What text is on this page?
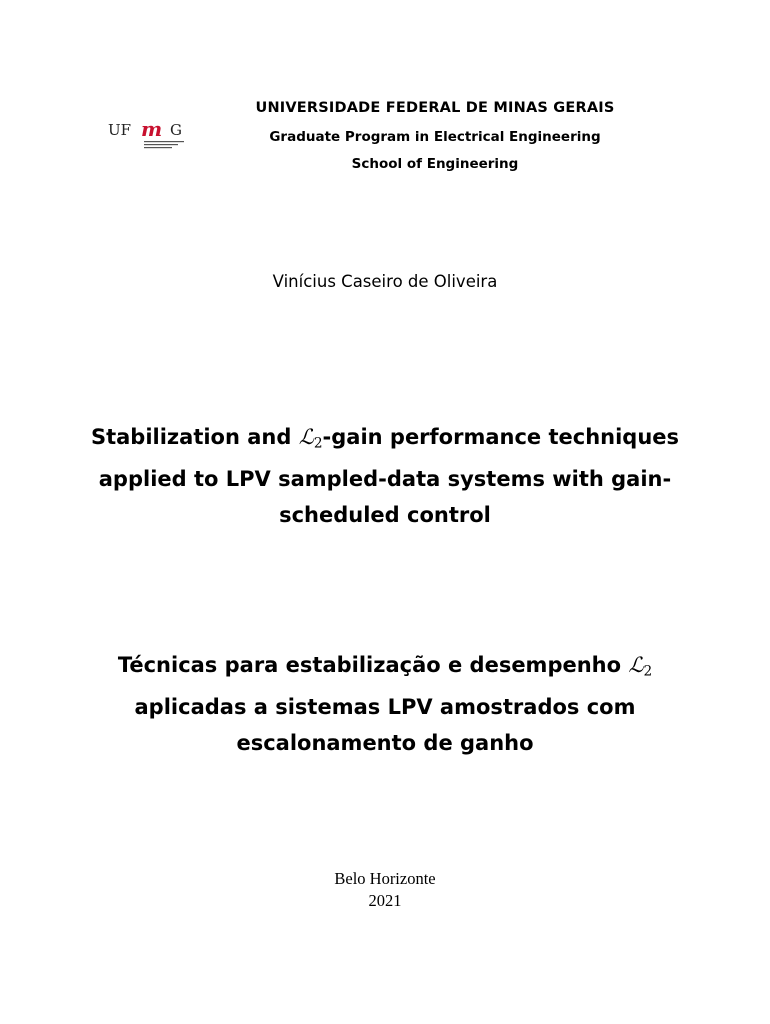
UF m G
UNIVERSIDADE FEDERAL DE MINAS GERAIS
Graduate Program in Electrical Engineering
School of Engineering
Vinícius Caseiro de Oliveira
Stabilization and ℒ$_2$-gain performance techniques applied to LPV sampled-data systems with gain-scheduled control
Técnicas para estabilização e desempenho ℒ$_2$ aplicadas a sistemas LPV amostrados com escalonamento de ganho
Belo Horizonte
2021
